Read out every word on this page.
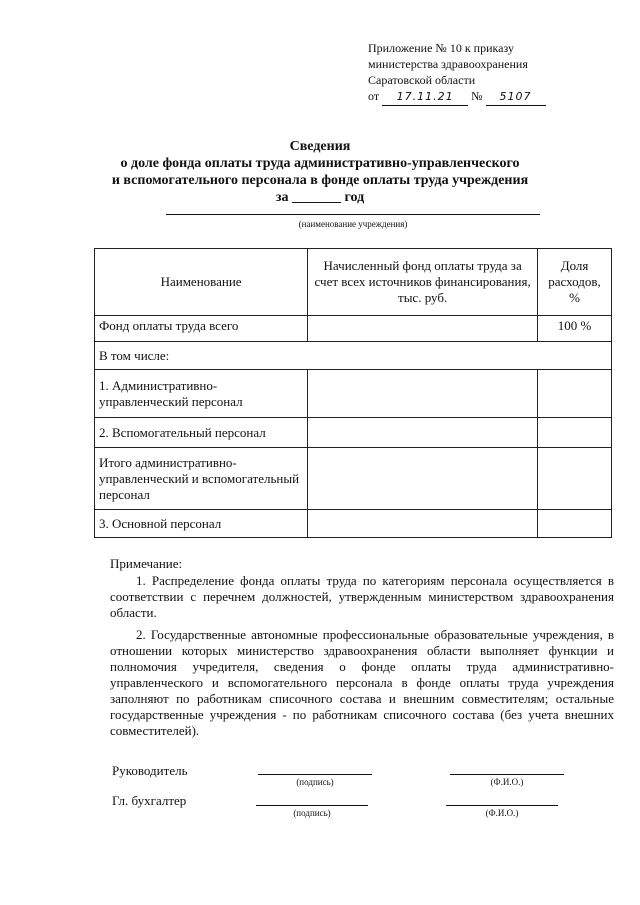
Приложение № 10 к приказу
министерства здравоохранения
Саратовской области
от 17.11.21 № 5107
Сведения
о доле фонда оплаты труда административно-управленческого
и вспомогательного персонала в фонде оплаты труда учреждения
за _______ год
(наименование учреждения)
Наименование	Начисленный фонд оплаты труда за счет всех источников финансирования, тыс. руб.	Доля расходов, %
Фонд оплаты труда всего		100 %
В том числе:		
1. Административно-управленческий персонал		
2. Вспомогательный персонал		
Итого административно-управленческий и вспомогательный персонал		
3. Основной персонал		
Примечание:
1. Распределение фонда оплаты труда по категориям персонала осуществляется в соответствии с перечнем должностей, утвержденным министерством здравоохранения области.
2. Государственные автономные профессиональные образовательные учреждения, в отношении которых министерство здравоохранения области выполняет функции и полномочия учредителя, сведения о фонде оплаты труда административно-управленческого и вспомогательного персонала в фонде оплаты труда учреждения заполняют по работникам списочного состава и внешним совместителям; остальные государственные учреждения - по работникам списочного состава (без учета внешних совместителей).
Руководитель
(подпись)	(Ф.И.О.)
Гл. бухгалтер
(подпись)	(Ф.И.О.)
